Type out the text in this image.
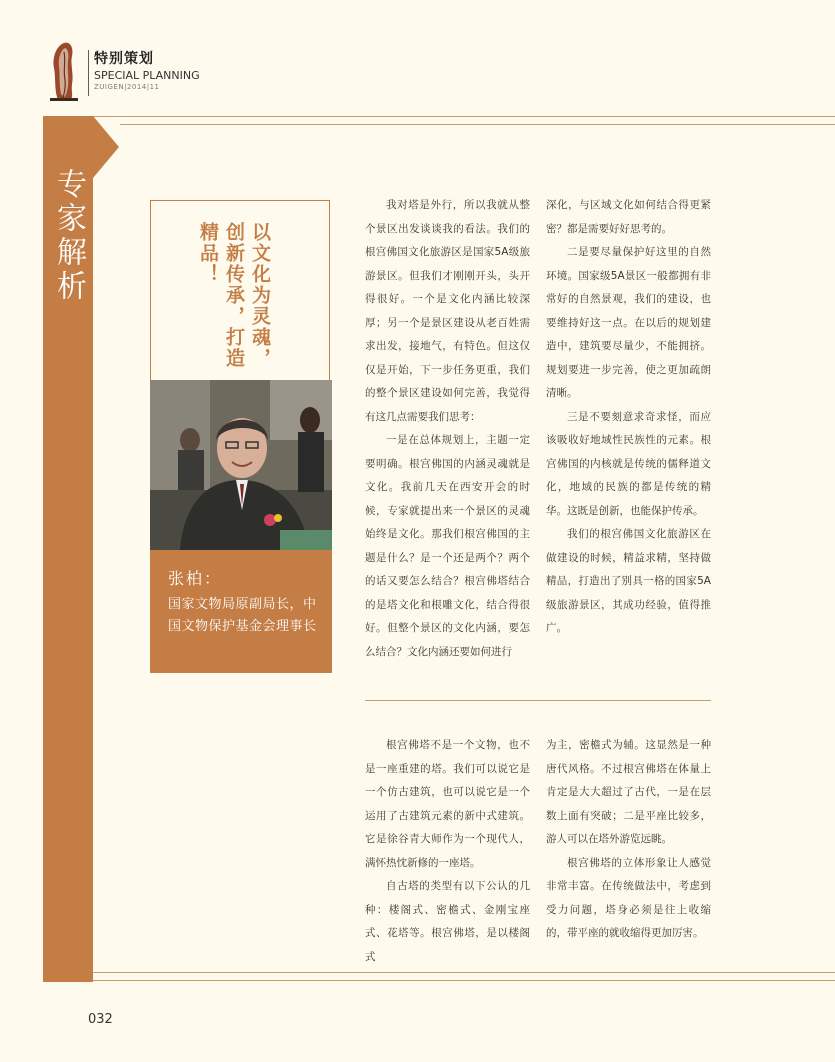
特别策划
SPECIAL PLANNING
ZUIGEN|2014|11
专家解析	以文化为灵魂，
创新传承，打造
精品！
张柏：
国家文物局原副局长，中国文物保护基金会理事长

我对塔是外行，所以我就从整个景区出发谈谈我的看法。我们的根宫佛国文化旅游区是国家5A级旅游景区。但我们才刚刚开头，头开得很好。一个是文化内涵比较深厚；另一个是景区建设从老百姓需求出发，接地气，有特色。但这仅仅是开始，下一步任务更重，我们的整个景区建设如何完善，我觉得有这几点需要我们思考：

一是在总体规划上，主题一定要明确。根宫佛国的内涵灵魂就是文化。我前几天在西安开会的时候，专家就提出来一个景区的灵魂始终是文化。那我们根宫佛国的主题是什么？是一个还是两个？两个的话又要怎么结合？根宫佛塔结合的是塔文化和根雕文化，结合得很好。但整个景区的文化内涵，要怎么结合？文化内涵还要如何进行

深化，与区域文化如何结合得更紧密？都是需要好好思考的。

二是要尽量保护好这里的自然环境。国家级5A景区一般都拥有非常好的自然景观，我们的建设，也要维持好这一点。在以后的规划建造中，建筑要尽量少，不能拥挤。规划要进一步完善，使之更加疏朗清晰。

三是不要刻意求奇求怪，而应该吸收好地域性民族性的元素。根宫佛国的内核就是传统的儒释道文化，地域的民族的都是传统的精华。这既是创新，也能保护传承。

我们的根宫佛国文化旅游区在做建设的时候，精益求精，坚持做精品，打造出了别具一格的国家5A级旅游景区，其成功经验，值得推广。

根宫佛塔不是一个文物，也不是一座重建的塔。我们可以说它是一个仿古建筑，也可以说它是一个运用了古建筑元素的新中式建筑。它是徐谷青大师作为一个现代人，满怀热忱新修的一座塔。

自古塔的类型有以下公认的几种：楼阁式、密檐式、金刚宝座式、花塔等。根宫佛塔，是以楼阁式

为主，密檐式为辅。这显然是一种唐代风格。不过根宫佛塔在体量上肯定是大大超过了古代，一是在层数上面有突破；二是平座比较多，游人可以在塔外游览远眺。

根宫佛塔的立体形象让人感觉非常丰富。在传统做法中，考虑到受力问题，塔身必须是往上收缩的，带平座的就收缩得更加厉害。

032
